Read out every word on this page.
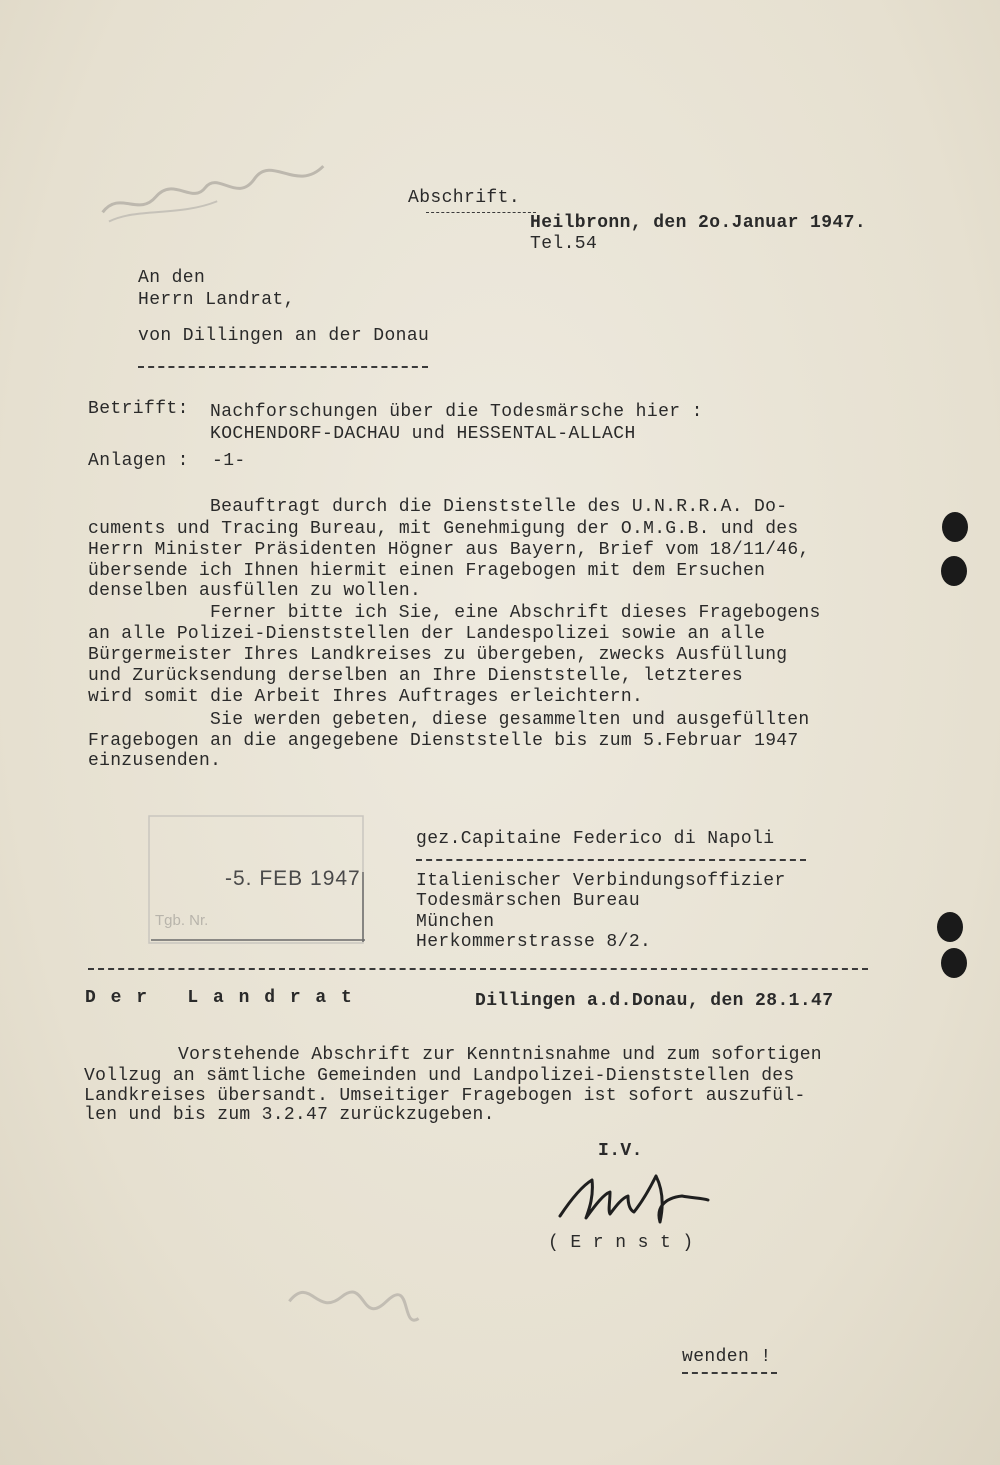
Abschrift.
Heilbronn, den 2o.Januar 1947.
Tel.54
An den
Herrn Landrat,
von Dillingen an der Donau
Betrifft: Nachforschungen über die Todesmärsche hier :
KOCHENDORF-DACHAU und HESSENTAL-ALLACH
Anlagen : -1-
Beauftragt durch die Dienststelle des U.N.R.R.A. Do-
cuments und Tracing Bureau, mit Genehmigung der O.M.G.B. und des
Herrn Minister Präsidenten Högner aus Bayern, Brief vom 18/11/46,
übersende ich Ihnen hiermit einen Fragebogen mit dem Ersuchen
denselben ausfüllen zu wollen.
Ferner bitte ich Sie, eine Abschrift dieses Fragebogens
an alle Polizei-Dienststellen der Landespolizei sowie an alle
Bürgermeister Ihres Landkreises zu übergeben, zwecks Ausfüllung
und Zurücksendung derselben an Ihre Dienststelle, letzteres
wird somit die Arbeit Ihres Auftrages erleichtern.
Sie werden gebeten, diese gesammelten und ausgefüllten
Fragebogen an die angegebene Dienststelle bis zum 5.Februar 1947
einzusenden.
-5. FEB 1947
Tgb. Nr.
gez.Capitaine Federico di Napoli
Italienischer Verbindungsoffizier
Todesmärschen Bureau
München
Herkommerstrasse 8/2.
D e r   L a n d r a t	Dillingen a.d.Donau, den 28.1.47
Vorstehende Abschrift zur Kenntnisnahme und zum sofortigen
Vollzug an sämtliche Gemeinden und Landpolizei-Dienststellen des
Landkreises übersandt. Umseitiger Fragebogen ist sofort auszufül-
len und bis zum 3.2.47 zurückzugeben.
I.V.
( E r n s t )
wenden !
